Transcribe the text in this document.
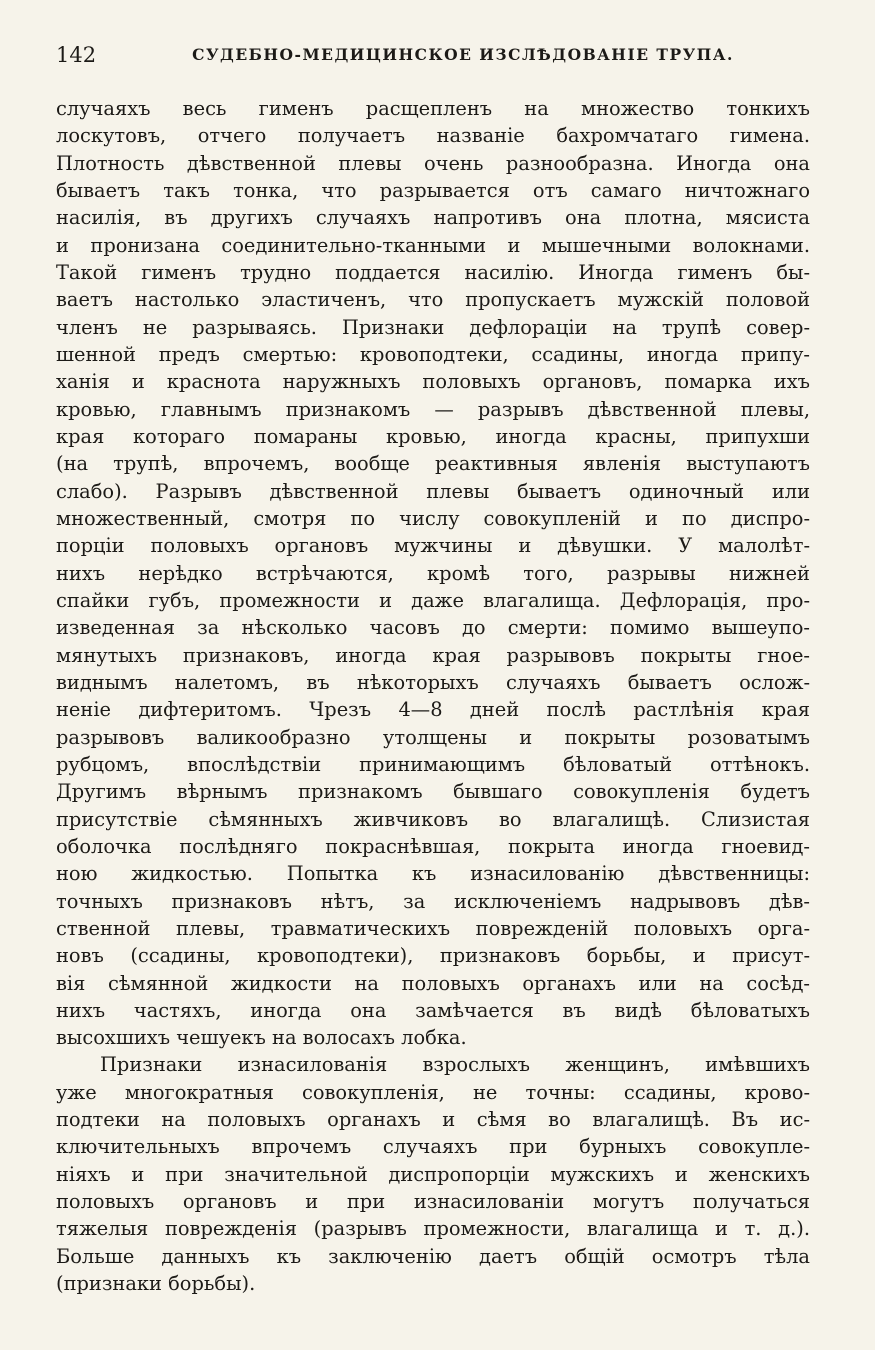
142	СУДЕБНО-МЕДИЦИНСКОЕ ИЗСЛѢДОВАНІЕ ТРУПА.
случаяхъ весь гименъ расщепленъ на множество тонкихъ
лоскутовъ, отчего получаетъ названіе бахромчатаго гимена.
Плотность дѣвственной плевы очень разнообразна. Иногда она
бываетъ такъ тонка, что разрывается отъ самаго ничтожнаго
насилія, въ другихъ случаяхъ напротивъ она плотна, мясиста
и пронизана соединительно-тканными и мышечными волокнами.
Такой гименъ трудно поддается насилію. Иногда гименъ бы-
ваетъ настолько эластиченъ, что пропускаетъ мужскій половой
членъ не разрываясь. Признаки дефлораціи на трупѣ совер-
шенной предъ смертью: кровоподтеки, ссадины, иногда припу-
ханія и краснота наружныхъ половыхъ органовъ, помарка ихъ
кровью, главнымъ признакомъ — разрывъ дѣвственной плевы,
края котораго помараны кровью, иногда красны, припухши
(на трупѣ, впрочемъ, вообще реактивныя явленія выступаютъ
слабо). Разрывъ дѣвственной плевы бываетъ одиночный или
множественный, смотря по числу совокупленій и по диспро-
порціи половыхъ органовъ мужчины и дѣвушки. У малолѣт-
нихъ нерѣдко встрѣчаются, кромѣ того, разрывы нижней
спайки губъ, промежности и даже влагалища. Дефлорація, про-
изведенная за нѣсколько часовъ до смерти: помимо вышеупо-
мянутыхъ признаковъ, иногда края разрывовъ покрыты гное-
виднымъ налетомъ, въ нѣкоторыхъ случаяхъ бываетъ ослож-
неніе дифтеритомъ. Чрезъ 4—8 дней послѣ растлѣнія края
разрывовъ валикообразно утолщены и покрыты розоватымъ
рубцомъ, впослѣдствіи принимающимъ бѣловатый оттѣнокъ.
Другимъ вѣрнымъ признакомъ бывшаго совокупленія будетъ
присутствіе сѣмянныхъ живчиковъ во влагалищѣ. Слизистая
оболочка послѣдняго покраснѣвшая, покрыта иногда гноевид-
ною жидкостью. Попытка къ изнасилованію дѣвственницы:
точныхъ признаковъ нѣтъ, за исключеніемъ надрывовъ дѣв-
ственной плевы, травматическихъ поврежденій половыхъ орга-
новъ (ссадины, кровоподтеки), признаковъ борьбы, и присут-
вія сѣмянной жидкости на половыхъ органахъ или на сосѣд-
нихъ частяхъ, иногда она замѣчается въ видѣ бѣловатыхъ
высохшихъ чешуекъ на волосахъ лобка.
Признаки изнасилованія взрослыхъ женщинъ, имѣвшихъ
уже многократныя совокупленія, не точны: ссадины, крово-
подтеки на половыхъ органахъ и сѣмя во влагалищѣ. Въ ис-
ключительныхъ впрочемъ случаяхъ при бурныхъ совокупле-
ніяхъ и при значительной диспропорціи мужскихъ и женскихъ
половыхъ органовъ и при изнасилованіи могутъ получаться
тяжелыя поврежденія (разрывъ промежности, влагалища и т. д.).
Больше данныхъ къ заключенію даетъ общій осмотръ тѣла
(признаки борьбы).
